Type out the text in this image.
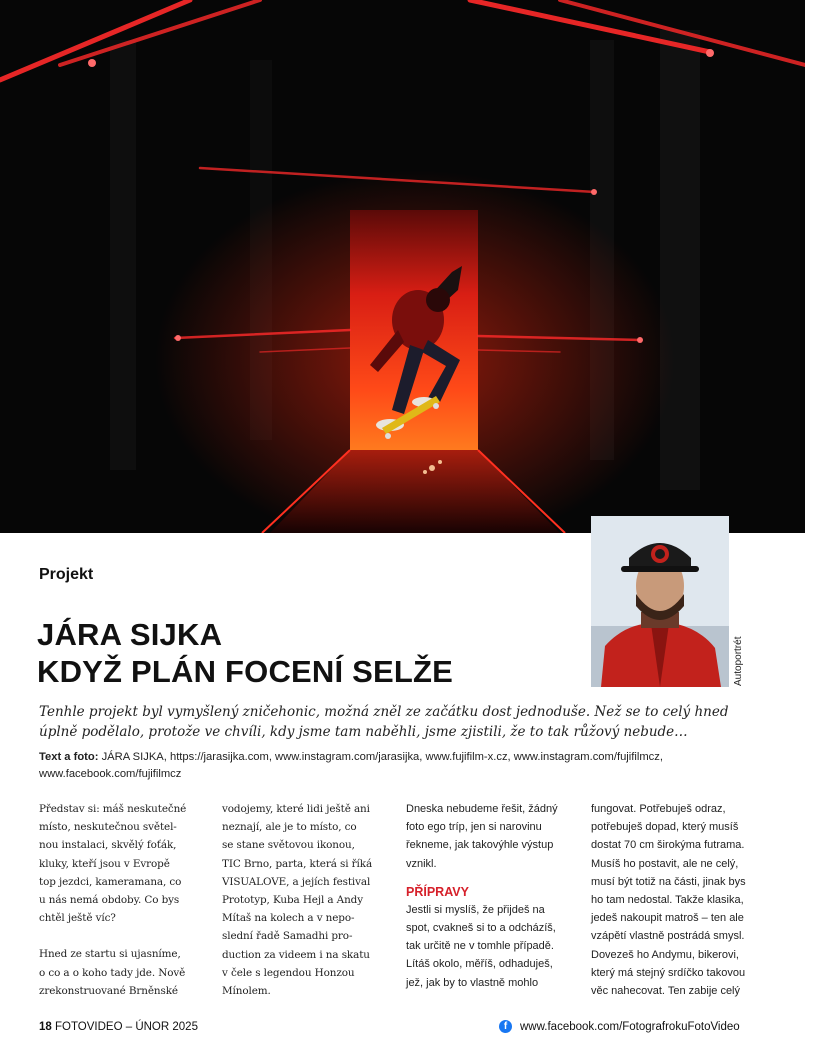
Autoportrét
Projekt
JÁRA SIJKA
KDYŽ PLÁN FOCENÍ SELŽE

Tenhle projekt byl vymyšlený zničehonic, možná zněl ze začátku dost jednoduše. Než se to celý hned
úplně podělalo, protože ve chvíli, kdy jsme tam naběhli, jsme zjistili, že to tak růžový nebude…

Text a foto: JÁRA SIJKA, https://jarasijka.com, www.instagram.com/jarasijka, www.fujifilm-x.cz, www.instagram.com/fujifilmcz,
www.facebook.com/fujifilmcz

Představ si: máš neskutečné
místo, neskutečnou světel-
nou instalaci, skvělý foťák,
kluky, kteří jsou v Evropě
top jezdci, kameramana, co
u nás nemá obdoby. Co bys
chtěl ještě víc?
Hned ze startu si ujasníme,
o co a o koho tady jde. Nově
zrekonstruované Brněnské
vodojemy, které lidi ještě ani
neznají, ale je to místo, co
se stane světovou ikonou,
TIC Brno, parta, která si říká
VISUALOVE, a jejích festival
Prototyp, Kuba Hejl a Andy
Mítaš na kolech a v nepo-
slední řadě Samadhi pro-
duction za videem i na skatu
v čele s legendou Honzou
Mínolem.
Dneska nebudeme řešit, žádný
foto ego tríp, jen si narovinu
řekneme, jak takovýhle výstup
vznikl.
PŘÍPRAVY
Jestli si myslíš, že přijdeš na
spot, cvakneš si to a odcházíš,
tak určitě ne v tomhle případě.
Lítáš okolo, měříš, odhaduješ,
jež, jak by to vlastně mohlo
fungovat. Potřebuješ odraz,
potřebuješ dopad, který musíš
dostat 70 cm širokýma futrama.
Musíš ho postavit, ale ne celý,
musí být totiž na části, jinak bys
ho tam nedostal. Takže klasika,
jedeš nakoupit matroš – ten ale
vzápětí vlastně postrádá smysl.
Dovezeš ho Andymu, bikerovi,
který má stejný srdíčko takovou
věc nahecovat. Ten zabije celý
18 FOTOVIDEO – ÚNOR 2025	f	www.facebook.com/FotografrokuFotoVideo
